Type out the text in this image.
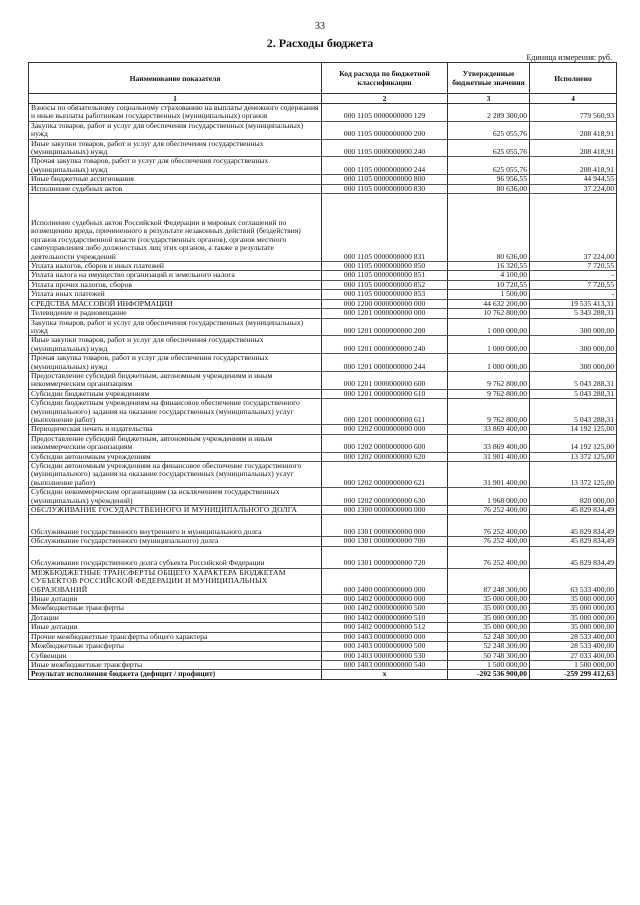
33
2. Расходы бюджета
Единица измерения: руб.
Наименование показателя	Код расхода по бюджетной классификации	Утвержденные бюджетные значения	Исполнено
1	2	3	4
Взносы по обязательному социальному страхованию на выплаты денежного содержания и иные выплаты работникам государственных (муниципальных) органов	000 1105 0000000000 129	2 289 300,00	779 560,93
Закупка товаров, работ и услуг для обеспечения государственных (муниципальных) нужд	000 1105 0000000000 200	625 055,76	208 418,91
Иные закупки товаров, работ и услуг для обеспечения государственных (муниципальных) нужд	000 1105 0000000000 240	625 055,76	208 418,91
Прочая закупка товаров, работ и услуг для обеспечения государственных (муниципальных) нужд	000 1105 0000000000 244	625 055,76	208 418,91
Иные бюджетные ассигнования	000 1105 0000000000 800	96 956,55	44 944,55
Исполнение судебных актов	000 1105 0000000000 830	80 636,00	37 224,00
Исполнение судебных актов Российской Федерации и мировых соглашений по возмещению вреда, причиненного в результате незаконных действий (бездействия) органов государственной власти (государственных органов), органов местного самоуправления либо должностных лиц этих органов, а также в результате деятельности учреждений	000 1105 0000000000 831	80 636,00	37 224,00
Уплата налогов, сборов и иных платежей	000 1105 0000000000 850	16 320,55	7 720,55
Уплата налога на имущество организаций и земельного налога	000 1105 0000000000 851	4 100,00	-
Уплата прочих налогов, сборов	000 1105 0000000000 852	10 720,55	7 720,55
Уплата иных платежей	000 1105 0000000000 853	1 500,00	-
СРЕДСТВА МАССОВОЙ ИНФОРМАЦИИ	000 1200 0000000000 000	44 632 200,00	19 535 413,31
Телевидение и радиовещание	000 1201 0000000000 000	10 762 800,00	5 343 288,31
Закупка товаров, работ и услуг для обеспечения государственных (муниципальных) нужд	000 1201 0000000000 200	1 000 000,00	300 000,00
Иные закупки товаров, работ и услуг для обеспечения государственных (муниципальных) нужд	000 1201 0000000000 240	1 000 000,00	300 000,00
Прочая закупка товаров, работ и услуг для обеспечения государственных (муниципальных) нужд	000 1201 0000000000 244	1 000 000,00	300 000,00
Предоставление субсидий бюджетным, автономным учреждениям и иным некоммерческим организациям	000 1201 0000000000 600	9 762 800,00	5 043 288,31
Субсидии бюджетным учреждениям	000 1201 0000000000 610	9 762 800,00	5 043 288,31
Субсидии бюджетным учреждениям на финансовое обеспечение государственного (муниципального) задания на оказание государственных (муниципальных) услуг (выполнение работ)	000 1201 0000000000 611	9 762 800,00	5 043 288,31
Периодическая печать и издательства	000 1202 0000000000 000	33 869 400,00	14 192 125,00
Предоставление субсидий бюджетным, автономным учреждениям и иным некоммерческим организациям	000 1202 0000000000 600	33 869 400,00	14 192 125,00
Субсидии автономным учреждениям	000 1202 0000000000 620	31 901 400,00	13 372 125,00
Субсидии автономным учреждениям на финансовое обеспечение государственного (муниципального) задания на оказание государственных (муниципальных) услуг (выполнение работ)	000 1202 0000000000 621	31 901 400,00	13 372 125,00
Субсидии некоммерческим организациям (за исключением государственных (муниципальных) учреждений)	000 1202 0000000000 630	1 968 000,00	820 000,00
ОБСЛУЖИВАНИЕ ГОСУДАРСТВЕННОГО И МУНИЦИПАЛЬНОГО ДОЛГА	000 1300 0000000000 000	76 252 400,00	45 829 834,49
Обслуживание государственного внутреннего и муниципального долга	000 1301 0000000000 000	76 252 400,00	45 829 834,49
Обслуживание государственного (муниципального) долга	000 1301 0000000000 700	76 252 400,00	45 829 834,49
Обслуживание государственного долга субъекта Российской Федерации	000 1301 0000000000 720	76 252 400,00	45 829 834,49
МЕЖБЮДЖЕТНЫЕ ТРАНСФЕРТЫ ОБЩЕГО ХАРАКТЕРА БЮДЖЕТАМ СУБЪЕКТОВ РОССИЙСКОЙ ФЕДЕРАЦИИ И МУНИЦИПАЛЬНЫХ ОБРАЗОВАНИЙ	000 1400 0000000000 000	87 248 300,00	63 533 400,00
Иные дотации	000 1402 0000000000 000	35 000 000,00	35 000 000,00
Межбюджетные трансферты	000 1402 0000000000 500	35 000 000,00	35 000 000,00
Дотации	000 1402 0000000000 510	35 000 000,00	35 000 000,00
Иные дотации	000 1402 0000000000 512	35 000 000,00	35 000 000,00
Прочие межбюджетные трансферты общего характера	000 1403 0000000000 000	52 248 300,00	28 533 400,00
Межбюджетные трансферты	000 1403 0000000000 500	52 248 300,00	28 533 400,00
Субвенции	000 1403 0000000000 530	50 748 300,00	27 033 400,00
Иные межбюджетные трансферты	000 1403 0000000000 540	1 500 000,00	1 500 000,00
Результат исполнения бюджета (дефицит / профицит)	x	-202 536 900,00	-259 299 412,63
